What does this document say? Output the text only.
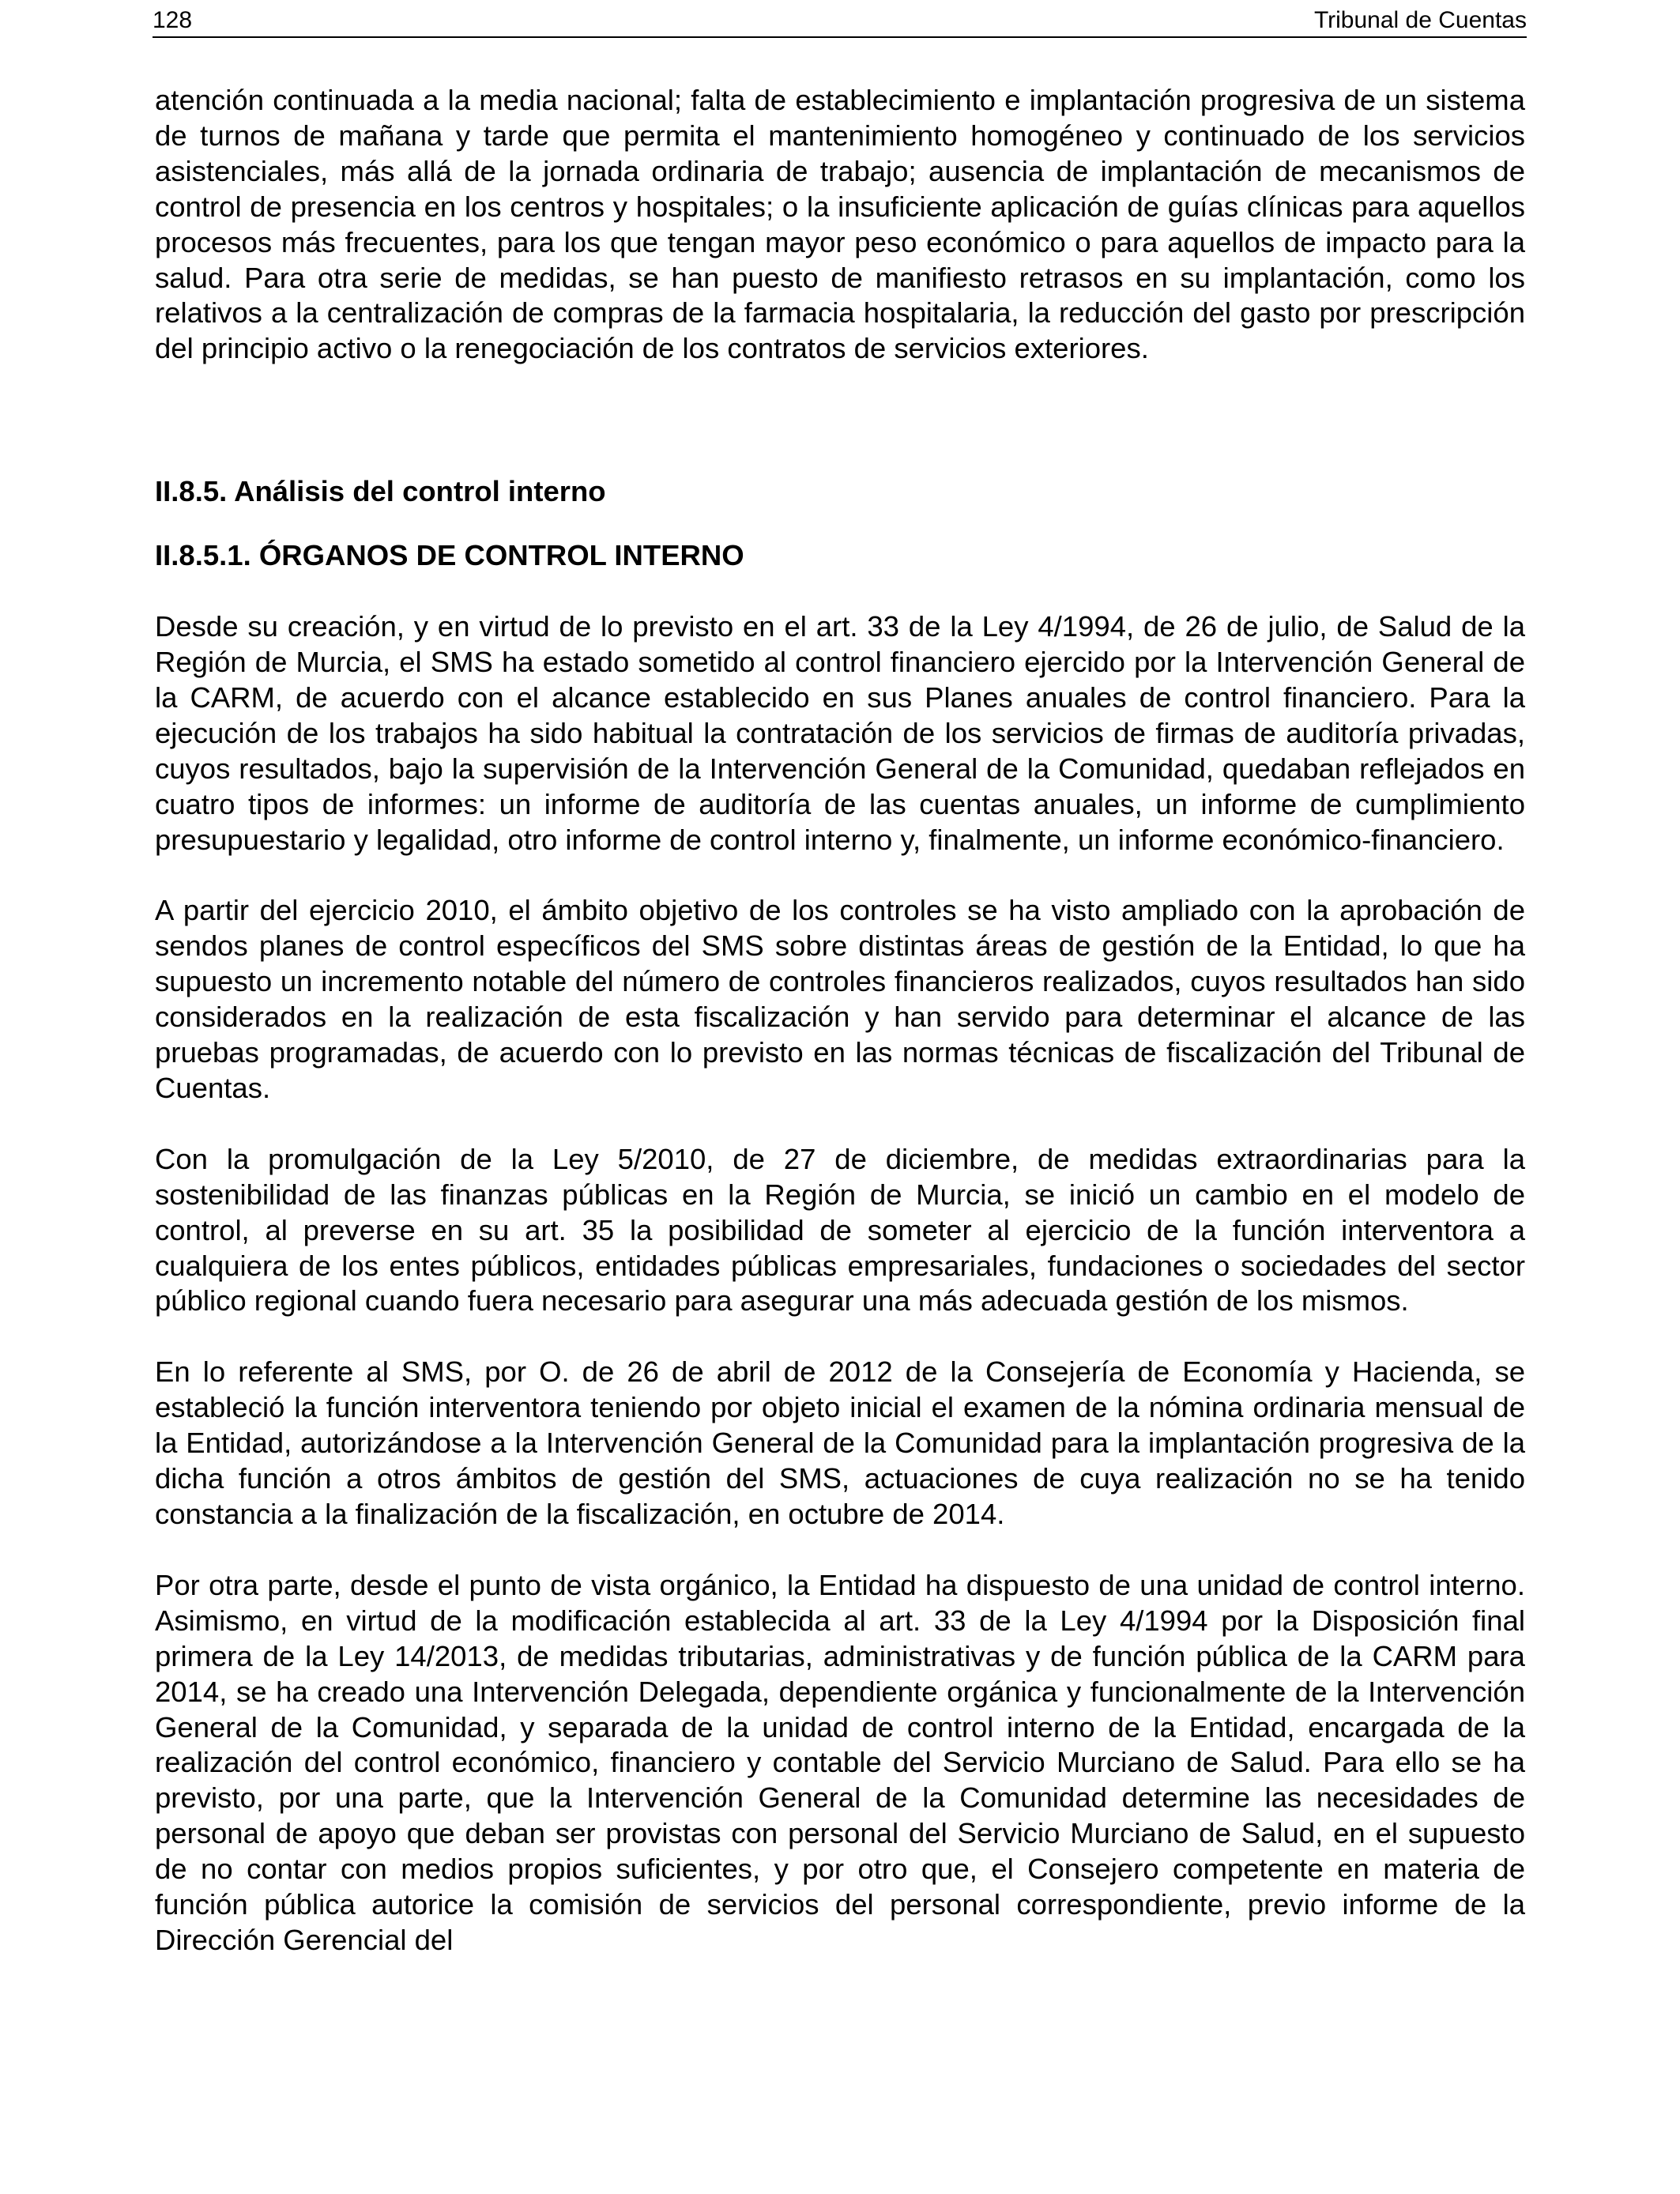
128	Tribunal de Cuentas

atención continuada a la media nacional; falta de establecimiento e implantación progresiva de un sistema de turnos de mañana y tarde que permita el mantenimiento homogéneo y continuado de los servicios asistenciales, más allá de la jornada ordinaria de trabajo; ausencia de implantación de mecanismos de control de presencia en los centros y hospitales; o la insuficiente aplicación de guías clínicas para aquellos procesos más frecuentes, para los que tengan mayor peso económico o para aquellos de impacto para la salud. Para otra serie de medidas, se han puesto de manifiesto retrasos en su implantación, como los relativos a la centralización de compras de la farmacia hospitalaria, la reducción del gasto por prescripción del principio activo o la renegociación de los contratos de servicios exteriores.

II.8.5. Análisis del control interno
II.8.5.1. ÓRGANOS DE CONTROL INTERNO

Desde su creación, y en virtud de lo previsto en el art. 33 de la Ley 4/1994, de 26 de julio, de Salud de la Región de Murcia, el SMS ha estado sometido al control financiero ejercido por la Intervención General de la CARM, de acuerdo con el alcance establecido en sus Planes anuales de control financiero. Para la ejecución de los trabajos ha sido habitual la contratación de los servicios de firmas de auditoría privadas, cuyos resultados, bajo la supervisión de la Intervención General de la Comunidad, quedaban reflejados en cuatro tipos de informes: un informe de auditoría de las cuentas anuales, un informe de cumplimiento presupuestario y legalidad, otro informe de control interno y, finalmente, un informe económico-financiero.

A partir del ejercicio 2010, el ámbito objetivo de los controles se ha visto ampliado con la aprobación de sendos planes de control específicos del SMS sobre distintas áreas de gestión de la Entidad, lo que ha supuesto un incremento notable del número de controles financieros realizados, cuyos resultados han sido considerados en la realización de esta fiscalización y han servido para determinar el alcance de las pruebas programadas, de acuerdo con lo previsto en las normas técnicas de fiscalización del Tribunal de Cuentas.

Con la promulgación de la Ley 5/2010, de 27 de diciembre, de medidas extraordinarias para la sostenibilidad de las finanzas públicas en la Región de Murcia, se inició un cambio en el modelo de control, al preverse en su art. 35 la posibilidad de someter al ejercicio de la función interventora a cualquiera de los entes públicos, entidades públicas empresariales, fundaciones o sociedades del sector público regional cuando fuera necesario para asegurar una más adecuada gestión de los mismos.

En lo referente al SMS, por O. de 26 de abril de 2012 de la Consejería de Economía y Hacienda, se estableció la función interventora teniendo por objeto inicial el examen de la nómina ordinaria mensual de la Entidad, autorizándose a la Intervención General de la Comunidad para la implantación progresiva de la dicha función a otros ámbitos de gestión del SMS, actuaciones de cuya realización no se ha tenido constancia a la finalización de la fiscalización, en octubre de 2014.

Por otra parte, desde el punto de vista orgánico, la Entidad ha dispuesto de una unidad de control interno. Asimismo, en virtud de la modificación establecida al art. 33 de la Ley 4/1994 por la Disposición final primera de la Ley 14/2013, de medidas tributarias, administrativas y de función pública de la CARM para 2014, se ha creado una Intervención Delegada, dependiente orgánica y funcionalmente de la Intervención General de la Comunidad, y separada de la unidad de control interno de la Entidad, encargada de la realización del control económico, financiero y contable del Servicio Murciano de Salud. Para ello se ha previsto, por una parte, que la Intervención General de la Comunidad determine las necesidades de personal de apoyo que deban ser provistas con personal del Servicio Murciano de Salud, en el supuesto de no contar con medios propios suficientes, y por otro que, el Consejero competente en materia de función pública autorice la comisión de servicios del personal correspondiente, previo informe de la Dirección Gerencial del
